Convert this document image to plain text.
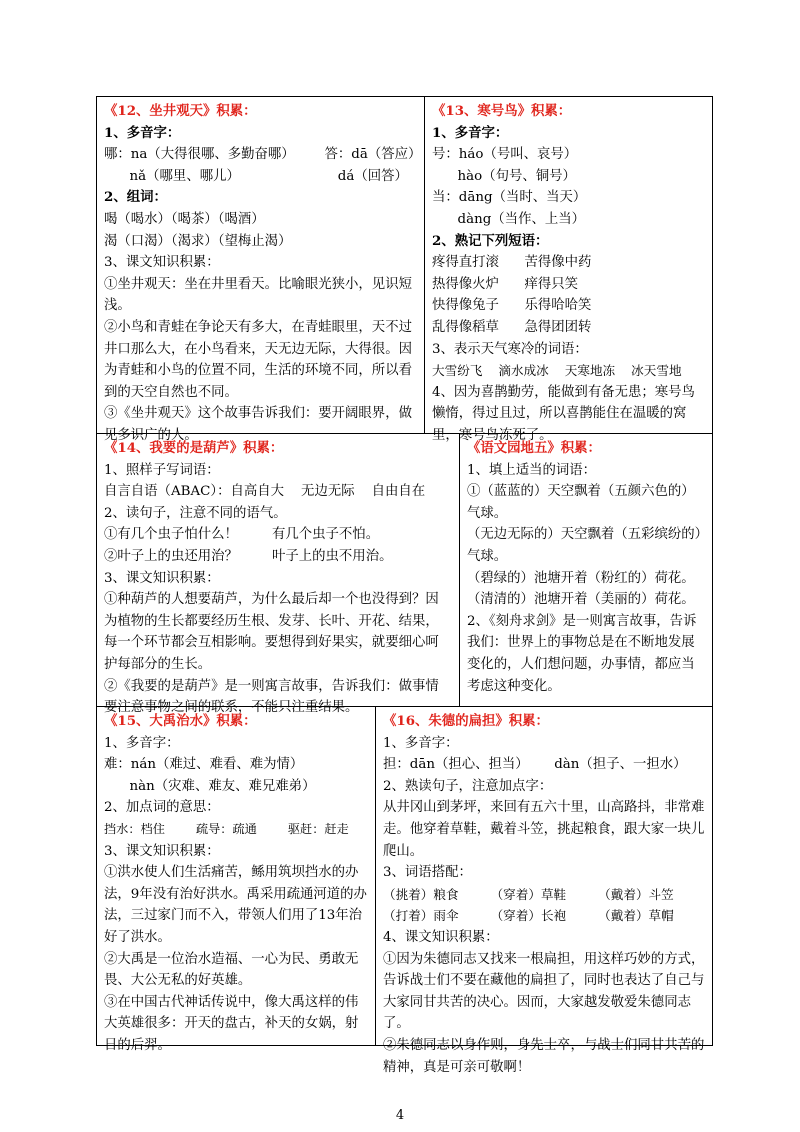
《12、坐井观天》积累：
1、多音字：
哪：na（大得很哪、多勤奋哪）       答：dā（答应）
nǎ（哪里、哪儿）                       dá（回答）
2、组词：
喝（喝水）（喝茶）（喝酒）
渴（口渴）（渴求）（望梅止渴）
3、课文知识积累：
①坐井观天：坐在井里看天。比喻眼光狭小，见识短浅。
②小鸟和青蛙在争论天有多大，在青蛙眼里，天不过井口那么大，在小鸟看来，天无边无际，大得很。因为青蛙和小鸟的位置不同，生活的环境不同，所以看到的天空自然也不同。
③《坐井观天》这个故事告诉我们：要开阔眼界，做见多识广的人。
《13、寒号鸟》积累：
1、多音字：
号：háo（号叫、哀号）
hào（句号、铜号）
当：dāng（当时、当天）
dàng（当作、上当）
2、熟记下列短语：
疼得直打滚      苦得像中药
热得像火炉      痒得只笑
快得像兔子      乐得哈哈笑
乱得像稻草      急得团团转
3、表示天气寒冷的词语：
大雪纷飞    滴水成冰    天寒地冻    冰天雪地
4、因为喜鹊勤劳，能做到有备无患；寒号鸟懒惰，得过且过，所以喜鹊能住在温暖的窝里，寒号鸟冻死了。
《14、我要的是葫芦》积累：
1、照样子写词语：
自言自语（ABAC）：自高自大    无边无际    自由自在
2、读句子，注意不同的语气。
①有几个虫子怕什么！        有几个虫子不怕。
②叶子上的虫还用治？        叶子上的虫不用治。
3、课文知识积累：
①种葫芦的人想要葫芦，为什么最后却一个也没得到？因为植物的生长都要经历生根、发芽、长叶、开花、结果，每一个环节都会互相影响。要想得到好果实，就要细心呵护每部分的生长。
②《我要的是葫芦》是一则寓言故事，告诉我们：做事情要注意事物之间的联系，不能只注重结果。
《语文园地五》积累：
1、填上适当的词语：
①（蓝蓝的）天空飘着（五颜六色的）气球。
（无边无际的）天空飘着（五彩缤纷的）气球。
（碧绿的）池塘开着（粉红的）荷花。
（清清的）池塘开着（美丽的）荷花。
2、《刻舟求剑》是一则寓言故事，告诉我们：世界上的事物总是在不断地发展变化的，人们想问题，办事情，都应当考虑这种变化。
《15、大禹治水》积累：
1、多音字：
难：nán（难过、难看、难为情）
nàn（灾难、难友、难兄难弟）
2、加点词的意思：
挡水：档住        疏导：疏通        驱赶：赶走
3、课文知识积累：
①洪水使人们生活痛苦，鲧用筑坝挡水的办法，9年没有治好洪水。禹采用疏通河道的办法，三过家门而不入，带领人们用了13年治好了洪水。
②大禹是一位治水造福、一心为民、勇敢无畏、大公无私的好英雄。
③在中国古代神话传说中，像大禹这样的伟大英雄很多：开天的盘古，补天的女娲，射日的后羿。
《16、朱德的扁担》积累：
1、多音字：
担：dān（担心、担当）      dàn（担子、一担水）
2、熟读句子，注意加点字：
从井冈山到茅坪，来回有五六十里，山高路抖，非常难走。他穿着草鞋，戴着斗笠，挑起粮食，跟大家一块儿爬山。
3、词语搭配：
（挑着）粮食        （穿着）草鞋        （戴着）斗笠
（打着）雨伞        （穿着）长袍        （戴着）草帽
4、课文知识积累：
①因为朱德同志又找来一根扁担，用这样巧妙的方式，告诉战士们不要在藏他的扁担了，同时也表达了自己与大家同甘共苦的决心。因而，大家越发敬爱朱德同志了。
②朱德同志以身作则，身先士卒，与战士们同甘共苦的精神，真是可亲可敬啊！
4
